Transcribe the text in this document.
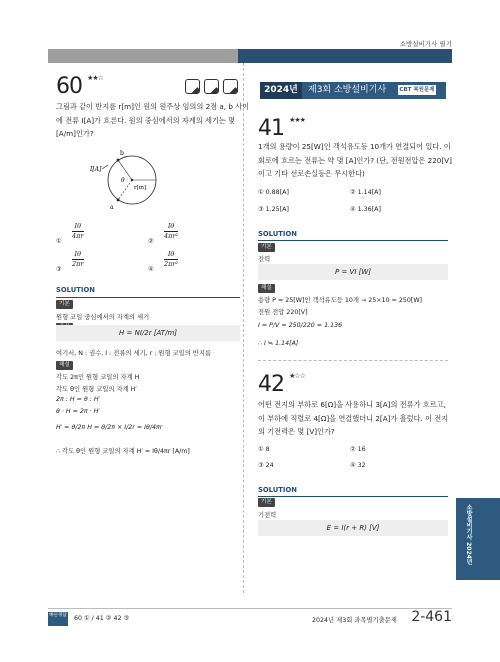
소방설비기사 필기
60 ★★☆
그림과 같이 반지름 r[m]인 원의 원주상 임의의 2점 a, b 사이
에 전류 I[A]가 흐른다. 원의 중심에서의 자계의 세기는 몇
[A/m]인가?
I[A]
b
a
θ
r[m]
①
Iθ
4πr
②
Iθ
4πr²
③
Iθ
2πr
④
Iθ
2πr²
SOLUTION
기본
원형 코일 중심에서의 자계의 세기
H = NI/2r [AT/m]
여기서, N : 권수, I : 전류의 세기, r : 원형 코일의 반지름
해설
각도 2π인 원형 코일의 자계 H
각도 θ인 원형 코일의 자계 H′
2π : H = θ : H′
θ · H = 2π · H′
H′ = θ/2π H = θ/2π × I/2r = Iθ/4πr
∴ 각도 θ인 원형 코일의 자계 H′ = Iθ/4πr [A/m]
2024년	제3회 소방설비기사	CBT 복원문제
41 ★★★
1개의 용량이 25[W]인 객석유도등 10개가 연결되어 있다. 이
회로에 흐르는 전류는 약 몇 [A]인가? (단, 전원전압은 220[V]
이고 기타 선로손실등은 무시한다)
① 0.88[A]	② 1.14[A]
③ 1.25[A]	④ 1.36[A]
SOLUTION
기본
전력
P = VI [W]
해설
용량 P = 25[W]인 객석유도등 10개 → 25×10 = 250[W]
전원 전압 220[V]
I = P/V = 250/220 = 1.136
∴ I ≒ 1.14[A]
42 ★☆☆
어떤 전지의 부하로 6[Ω]을 사용하니 3[A]의 전류가 흐르고,
이 부하에 직렬로 4[Ω]을 연결했더니 2[A]가 흘렀다. 이 전지
의 기전력은 몇 [V]인가?
① 8	② 16
③ 24	④ 32
SOLUTION
기본
기전력
E = I(r + R) [V]	소방설비기사 2024년
빠른정답 60 ① / 41 ② 42 ③	2024년 제3회 과목별기출문제 2-461
